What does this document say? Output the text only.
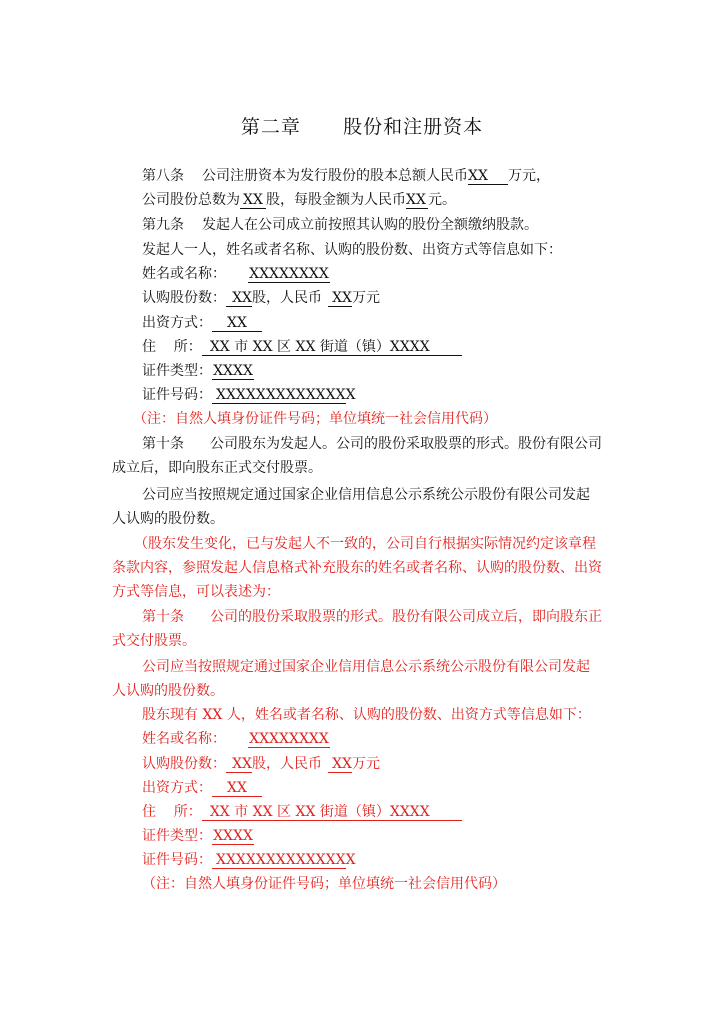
第二章      股份和注册资本
第八条 公司注册资本为发行股份的股本总额人民币XX 万元，
公司股份总数为 XX 股，每股金额为人民币XX 元。
第九条 发起人在公司成立前按照其认购的股份全额缴纳股款。
发起人一人，姓名或者名称、认购的股份数、出资方式等信息如下：
姓名或名称： XXXXXXXX
认购股份数： XX股，人民币 XX万元
出资方式： XX
住    所： XX 市 XX 区 XX 街道（镇）XXXX
证件类型：XXXX
证件号码： XXXXXXXXXXXXXX
（注：自然人填身份证件号码；单位填统一社会信用代码）
第十条 公司股东为发起人。公司的股份采取股票的形式。股份有限公司
成立后，即向股东正式交付股票。
公司应当按照规定通过国家企业信用信息公示系统公示股份有限公司发起
人认购的股份数。
（股东发生变化，已与发起人不一致的，公司自行根据实际情况约定该章程
条款内容，参照发起人信息格式补充股东的姓名或者名称、认购的股份数、出资
方式等信息，可以表述为：
第十条 公司的股份采取股票的形式。股份有限公司成立后，即向股东正
式交付股票。
公司应当按照规定通过国家企业信用信息公示系统公示股份有限公司发起
人认购的股份数。
股东现有 XX 人，姓名或者名称、认购的股份数、出资方式等信息如下：
姓名或名称： XXXXXXXX
认购股份数： XX股，人民币 XX万元
出资方式： XX
住    所： XX 市 XX 区 XX 街道（镇）XXXX
证件类型：XXXX
证件号码： XXXXXXXXXXXXXX
（注：自然人填身份证件号码；单位填统一社会信用代码）
